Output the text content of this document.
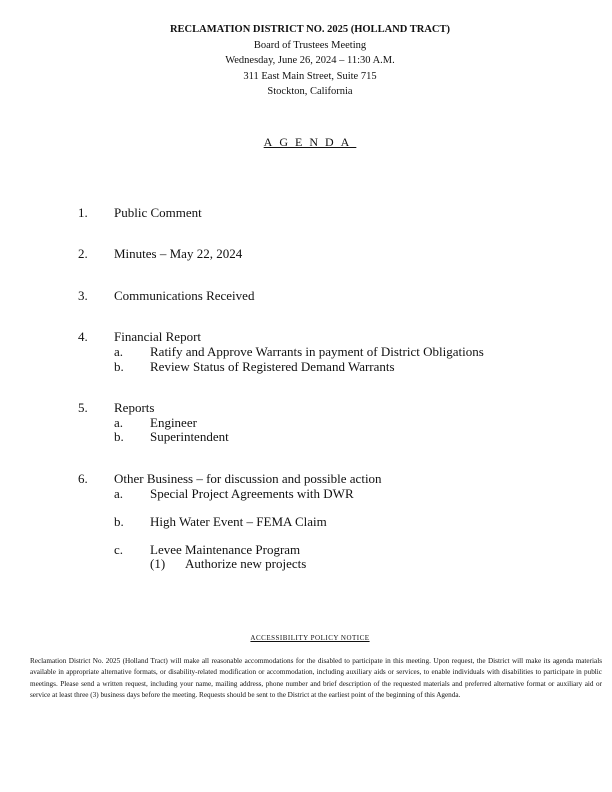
RECLAMATION DISTRICT NO. 2025 (HOLLAND TRACT)
Board of Trustees Meeting
Wednesday, June 26, 2024 – 11:30 A.M.
311 East Main Street, Suite 715
Stockton, California
AGENDA
1. Public Comment
2. Minutes – May 22, 2024
3. Communications Received
4. Financial Report
a. Ratify and Approve Warrants in payment of District Obligations
b. Review Status of Registered Demand Warrants
5. Reports
a. Engineer
b. Superintendent
6. Other Business – for discussion and possible action
a. Special Project Agreements with DWR
b. High Water Event – FEMA Claim
c. Levee Maintenance Program
(1) Authorize new projects
ACCESSIBILITY POLICY NOTICE
Reclamation District No. 2025 (Holland Tract) will make all reasonable accommodations for the disabled to participate in this meeting. Upon request, the District will make its agenda materials available in appropriate alternative formats, or disability-related modification or accommodation, including auxiliary aids or services, to enable individuals with disabilities to participate in public meetings. Please send a written request, including your name, mailing address, phone number and brief description of the requested materials and preferred alternative format or auxiliary aid or service at least three (3) business days before the meeting. Requests should be sent to the District at the earliest point of the beginning of this Agenda.
